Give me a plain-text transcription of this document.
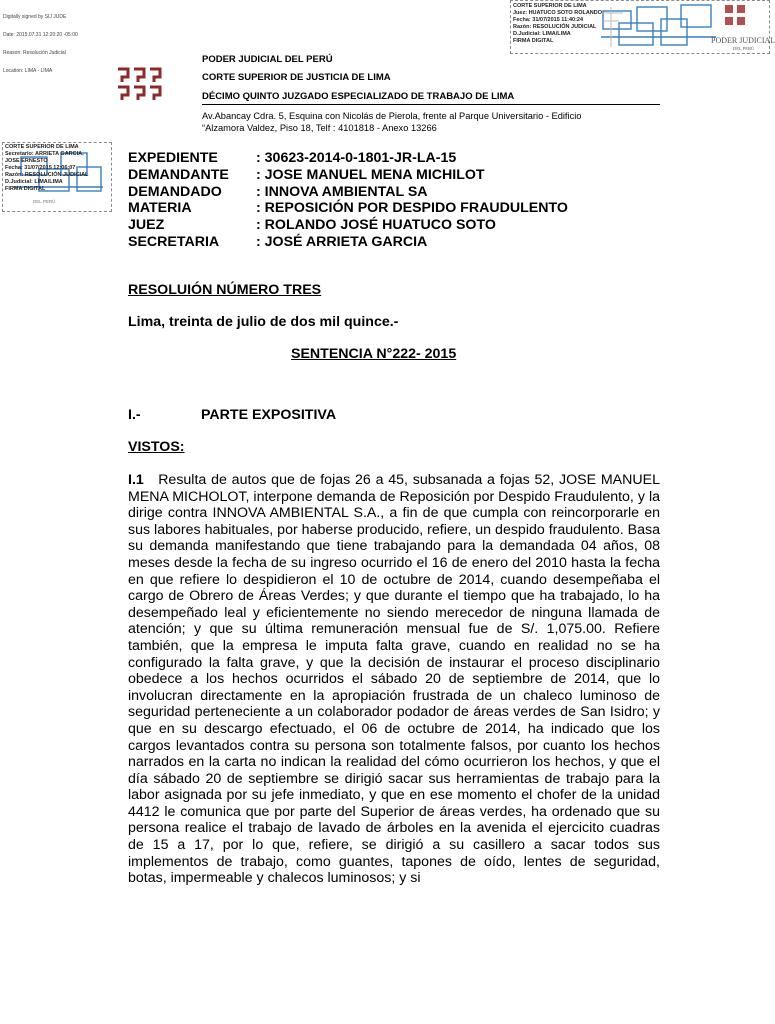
Digitally signed by SIJ JUDE

Date: 2015.07.31 12:20:20 -05:00

Reason: Resolución Judicial

Location: LIMA - LIMA

CORTE SUPERIOR DE LIMA
Juez: HUATUCO SOTO ROLANDO
Fecha: 31/07/2015 11:40:24
Razón: RESOLUCIÓN JUDICIAL
D.Judicial: LIMA/LIMA
FIRMA DIGITAL	PODER JUDICIAL
DEL PERÚ
CORTE SUPERIOR DE LIMA
Secretario: ARRIETA GARCIA,
JOSE ERNESTO
Fecha: 31/07/2015 12:06:07
Razón: RESOLUCIÓN JUDICIAL
D.Judicial: LIMA/LIMA
FIRMA DIGITAL
DEL PERÚ
PODER JUDICIAL DEL PERÚ
CORTE SUPERIOR DE JUSTICIA DE LIMA
DÉCIMO QUINTO JUZGADO ESPECIALIZADO DE TRABAJO DE LIMA
Av.Abancay Cdra. 5, Esquina con Nicolás de Pierola, frente al Parque Universitario - Edificio
“Alzamora Valdez, Piso 18, Telf : 4101818 - Anexo 13266
EXPEDIENTE	: 30623-2014-0-1801-JR-LA-15
DEMANDANTE : JOSE MANUEL MENA MICHILOT
DEMANDADO : INNOVA AMBIENTAL SA
MATERIA	: REPOSICIÓN POR DESPIDO FRAUDULENTO
JUEZ	: ROLANDO JOSÉ HUATUCO SOTO
SECRETARIA	: JOSÉ ARRIETA GARCIA
RESOLUIÓN NÚMERO TRES
Lima, treinta de julio de dos mil quince.-
SENTENCIA N°222- 2015
I.-	PARTE EXPOSITIVA
VISTOS:
I.1 Resulta de autos que de fojas 26 a 45, subsanada a fojas 52, JOSE MANUEL MENA MICHOLOT, interpone demanda de Reposición por Despido Fraudulento, y la dirige contra INNOVA AMBIENTAL S.A., a fin de que cumpla con reincorporarle en sus labores habituales, por haberse producido, refiere, un despido fraudulento. Basa su demanda manifestando que tiene trabajando para la demandada 04 años, 08 meses desde la fecha de su ingreso ocurrido el 16 de enero del 2010 hasta la fecha en que refiere lo despidieron el 10 de octubre de 2014, cuando desempeñaba el cargo de Obrero de Áreas Verdes; y que durante el tiempo que ha trabajado, lo ha desempeñado leal y eficientemente no siendo merecedor de ninguna llamada de atención; y que su última remuneración mensual fue de S/. 1,075.00. Refiere también, que la empresa le imputa falta grave, cuando en realidad no se ha configurado la falta grave, y que la decisión de instaurar el proceso disciplinario obedece a los hechos ocurridos el sábado 20 de septiembre de 2014, que lo involucran directamente en la apropiación frustrada de un chaleco luminoso de seguridad perteneciente a un colaborador podador de áreas verdes de San Isidro; y que en su descargo efectuado, el 06 de octubre de 2014, ha indicado que los cargos levantados contra su persona son totalmente falsos, por cuanto los hechos narrados en la carta no indican la realidad del cómo ocurrieron los hechos, y que el día sábado 20 de septiembre se dirigió sacar sus herramientas de trabajo para la labor asignada por su jefe inmediato, y que en ese momento el chofer de la unidad 4412 le comunica que por parte del Superior de áreas verdes, ha ordenado que su persona realice el trabajo de lavado de árboles en la avenida el ejercicito cuadras de 15 a 17, por lo que, refiere, se dirigió a su casillero a sacar todos sus implementos de trabajo, como guantes, tapones de oído, lentes de seguridad, botas, impermeable y chalecos luminosos; y si
